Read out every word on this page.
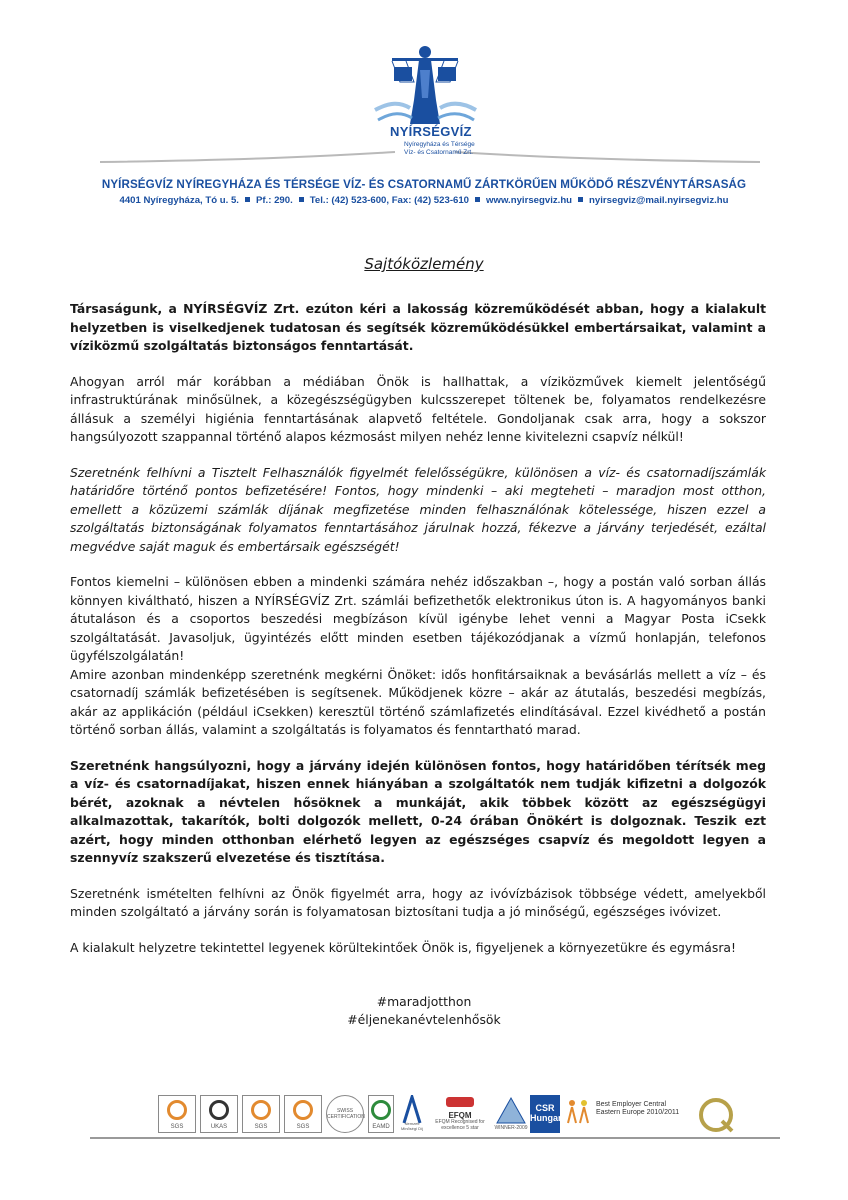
NYÍRSÉGVÍZ
Nyíregyháza és Térsége
Víz- és Csatornamű Zrt.
NYÍRSÉGVÍZ NYÍREGYHÁZA ÉS TÉRSÉGE VÍZ- ÉS CSATORNAMŰ ZÁRTKÖRŰEN MŰKÖDŐ RÉSZVÉNYTÁRSASÁG
4401 Nyíregyháza, Tó u. 5. Pf.: 290. Tel.: (42) 523-600, Fax: (42) 523-610 www.nyirsegviz.hu nyirsegviz@mail.nyirsegviz.hu
Sajtóközlemény

Társaságunk, a NYÍRSÉGVÍZ Zrt. ezúton kéri a lakosság közreműködését abban, hogy a kialakult helyzetben is viselkedjenek tudatosan és segítsék közreműködésükkel embertársaikat, valamint a víziközmű szolgáltatás biztonságos fenntartását.

Ahogyan arról már korábban a médiában Önök is hallhattak, a víziközművek kiemelt jelentőségű infrastruktúrának minősülnek, a közegészségügyben kulcsszerepet töltenek be, folyamatos rendelkezésre állásuk a személyi higiénia fenntartásának alapvető feltétele. Gondoljanak csak arra, hogy a sokszor hangsúlyozott szappannal történő alapos kézmosást milyen nehéz lenne kivitelezni csapvíz nélkül!

Szeretnénk felhívni a Tisztelt Felhasználók figyelmét felelősségükre, különösen a víz- és csatornadíjszámlák határidőre történő pontos befizetésére! Fontos, hogy mindenki – aki megteheti – maradjon most otthon, emellett a közüzemi számlák díjának megfizetése minden felhasználónak kötelessége, hiszen ezzel a szolgáltatás biztonságának folyamatos fenntartásához járulnak hozzá, fékezve a járvány terjedését, ezáltal megvédve saját maguk és embertársaik egészségét!

Fontos kiemelni – különösen ebben a mindenki számára nehéz időszakban –, hogy a postán való sorban állás könnyen kiváltható, hiszen a NYÍRSÉGVÍZ Zrt. számlái befizethetők elektronikus úton is. A hagyományos banki átutaláson és a csoportos beszedési megbízáson kívül igénybe lehet venni a Magyar Posta iCsekk szolgáltatását. Javasoljuk, ügyintézés előtt minden esetben tájékozódjanak a vízmű honlapján, telefonos ügyfélszolgálatán!

Amire azonban mindenképp szeretnénk megkérni Önöket: idős honfitársaiknak a bevásárlás mellett a víz – és csatornadíj számlák befizetésében is segítsenek. Működjenek közre – akár az átutalás, beszedési megbízás, akár az applikáción (például iCsekken) keresztül történő számlafizetés elindításával. Ezzel kivédhető a postán történő sorban állás, valamint a szolgáltatás is folyamatos és fenntartható marad.

Szeretnénk hangsúlyozni, hogy a járvány idején különösen fontos, hogy határidőben térítsék meg a víz- és csatornadíjakat, hiszen ennek hiányában a szolgáltatók nem tudják kifizetni a dolgozók bérét, azoknak a névtelen hősöknek a munkáját, akik többek között az egészségügyi alkalmazottak, takarítók, bolti dolgozók mellett, 0-24 órában Önökért is dolgoznak. Teszik ezt azért, hogy minden otthonban elérhető legyen az egészséges csapvíz és megoldott legyen a szennyvíz szakszerű elvezetése és tisztítása.

Szeretnénk ismételten felhívni az Önök figyelmét arra, hogy az ivóvízbázisok többsége védett, amelyekből minden szolgáltató a járvány során is folyamatosan biztosítani tudja a jó minőségű, egészséges ivóvizet.

A kialakult helyzetre tekintettel legyenek körültekintőek Önök is, figyeljenek a környezetükre és egymásra!

#maradjotthon
#éljenekanévtelenhősök
SGS	UKAS	SGS	SGS
SWISS CERTIFICATION
EAMD
Nemzeti Minőségi Díj
EFQM
EFQM Recognised for excellence 5 star	WINNER-2009
CSR Hungary
Best Employer Central Eastern Europe 2010/2011
